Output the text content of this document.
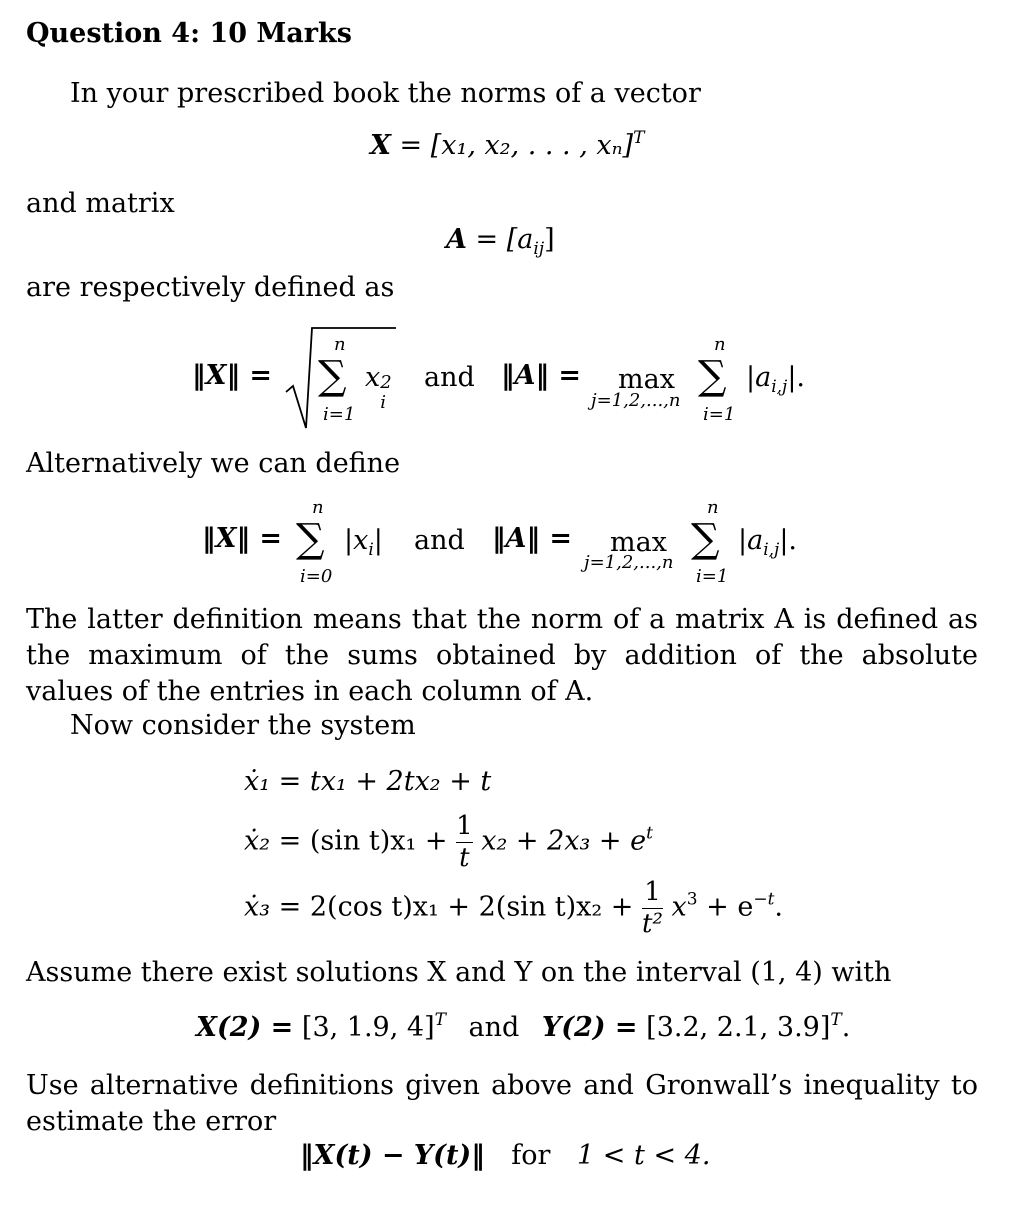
Question 4: 10 Marks
In your prescribed book the norms of a vector
X = [x₁, x₂, . . . , xₙ]$^T$
and matrix
$A = [a_{ij}]$
are respectively defined as
‖X‖ =
n
∑
i=1
x 2
i
and ‖A‖ = max
j=1,2,...,n
n
∑
i=1
$|a_{i,j}|$.
Alternatively we can define
‖X‖ =
n
∑
i=0
$|x_i|$ and ‖A‖ = max
j=1,2,...,n
n
∑
i=1
$|a_{i,j}|$.
The latter definition means that the norm of a matrix A is defined as the maximum of the sums obtained by addition of the absolute values of the entries in each column of A.
Now consider the system
ẋ₁ = tx₁ + 2tx₂ + t
ẋ₂ = (sin $t)x_1 + \frac{1}{t} x_2 + 2x_3 + e^t$
ẋ₃ = 2(cos t)x₁ + 2(sin $t)x_2 + \frac{1}{\text{t²}} x^3 + e^{-t}$.
Assume there exist solutions X and Y on the interval (1, 4) with
X(2) = [3, 1.9, 4]$^T$ and Y(2) = [3.2, 2.1, 3.9]$^T$.
Use alternative definitions given above and Gronwall’s inequality to estimate the error
‖X(t) − Y(t)‖ for 1 < t < 4.
